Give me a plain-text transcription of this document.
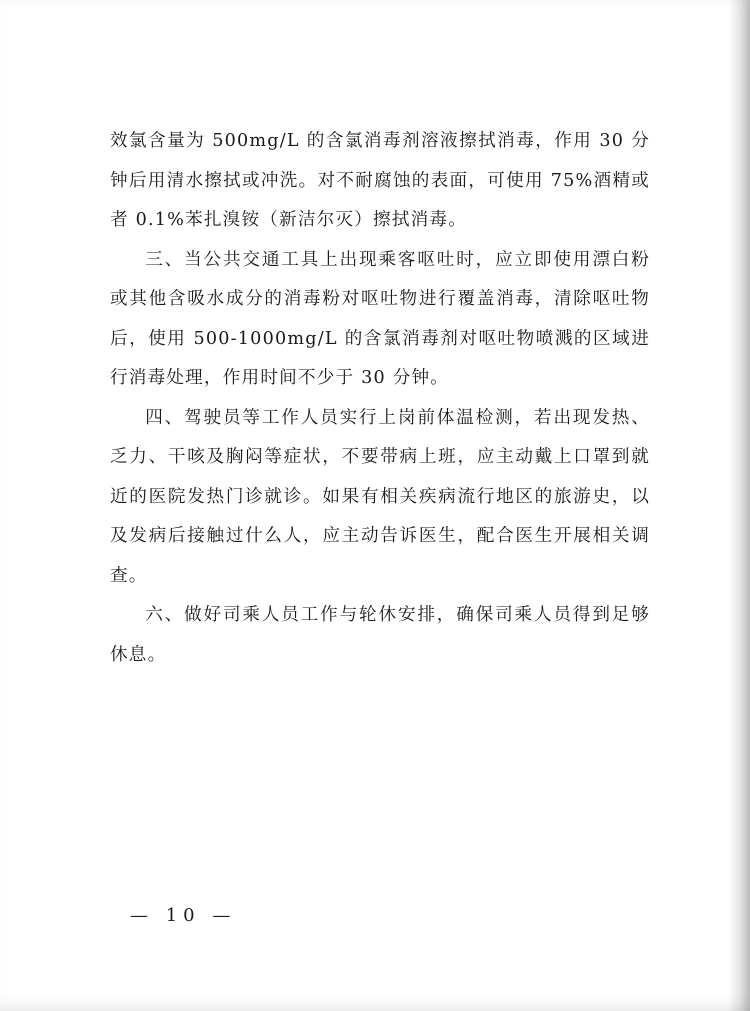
效氯含量为 500mg/L 的含氯消毒剂溶液擦拭消毒，作用 30 分钟后用清水擦拭或冲洗。对不耐腐蚀的表面，可使用 75%酒精或者 0.1%苯扎溴铵（新洁尔灭）擦拭消毒。

三、当公共交通工具上出现乘客呕吐时，应立即使用漂白粉或其他含吸水成分的消毒粉对呕吐物进行覆盖消毒，清除呕吐物后，使用 500-1000mg/L 的含氯消毒剂对呕吐物喷溅的区域进行消毒处理，作用时间不少于 30 分钟。

四、驾驶员等工作人员实行上岗前体温检测，若出现发热、乏力、干咳及胸闷等症状，不要带病上班，应主动戴上口罩到就近的医院发热门诊就诊。如果有相关疾病流行地区的旅游史，以及发病后接触过什么人，应主动告诉医生，配合医生开展相关调查。

六、做好司乘人员工作与轮休安排，确保司乘人员得到足够休息。

— 10 —
